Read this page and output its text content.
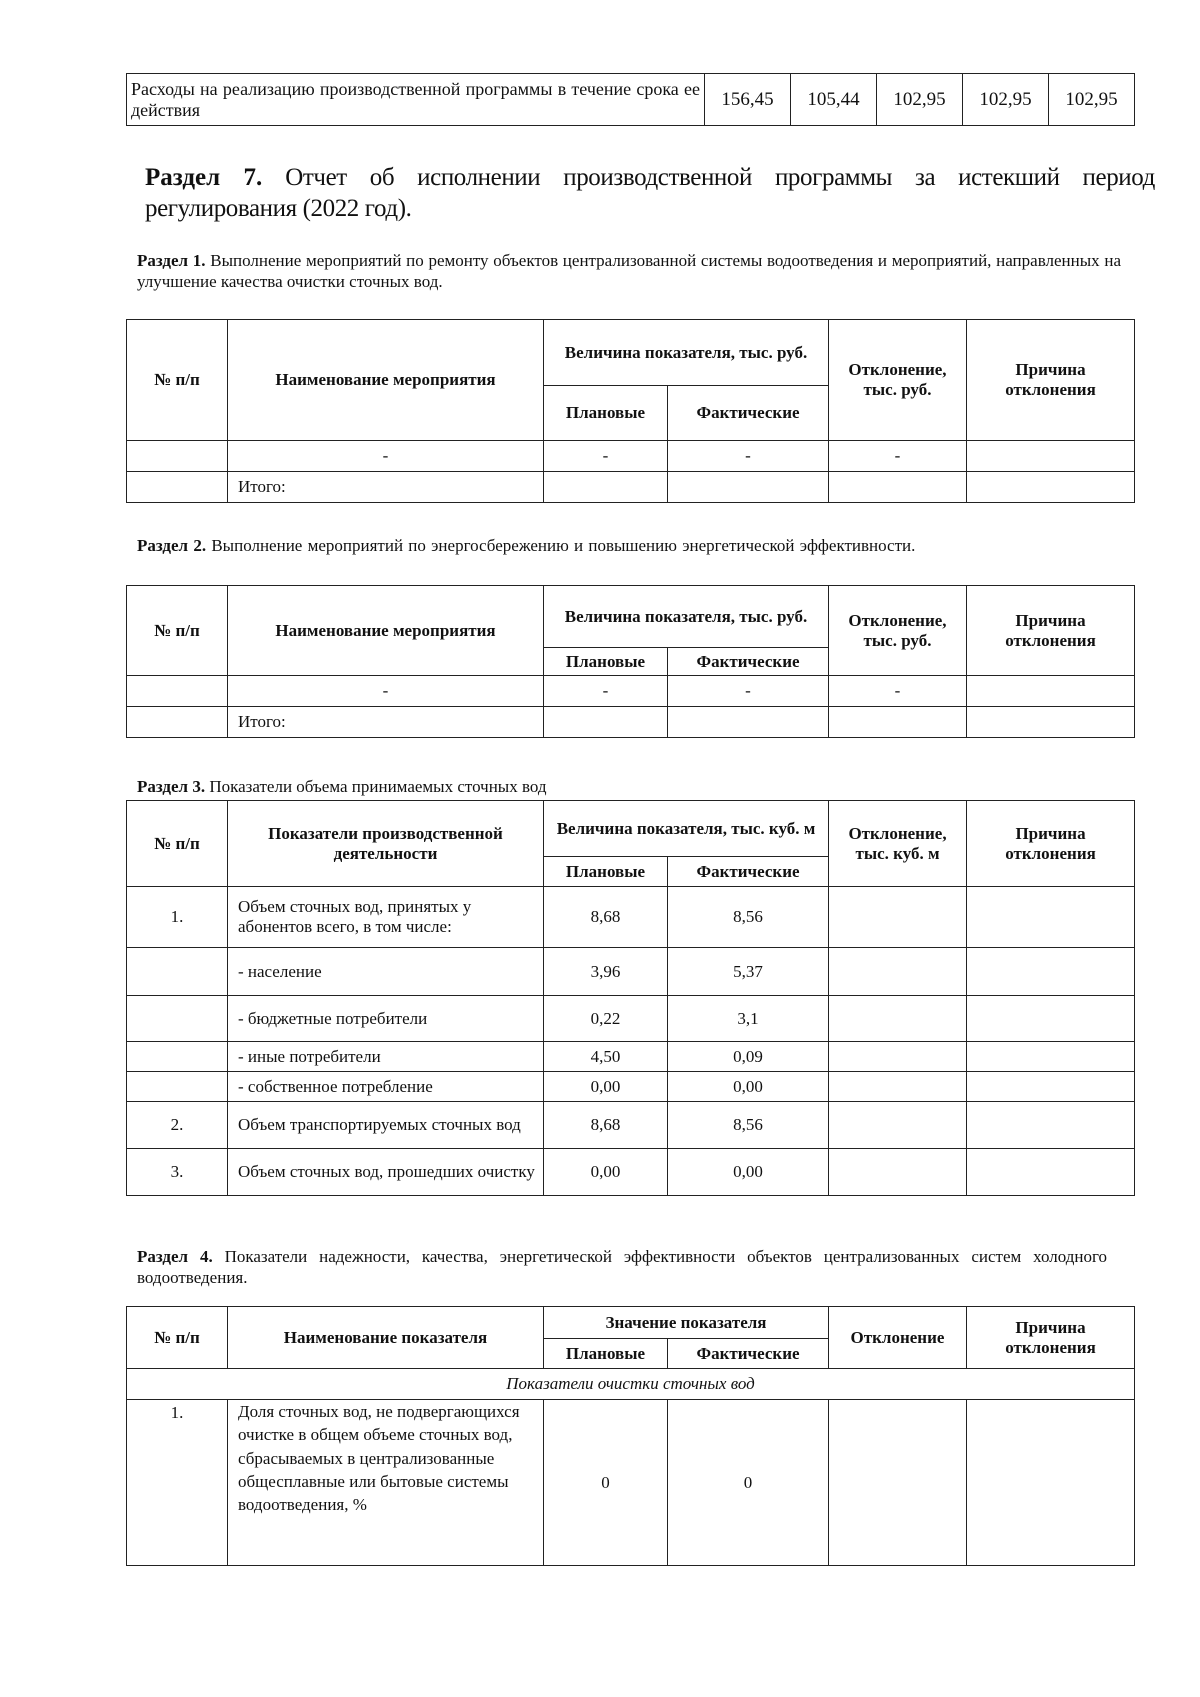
Расходы на реализацию производственной программы в течение срока ее действия	156,45	105,44	102,95	102,95	102,95
Раздел 7. Отчет об исполнении производственной программы за истекший период регулирования (2022 год).
Раздел 1. Выполнение мероприятий по ремонту объектов централизованной системы водоотведения и мероприятий, направленных на улучшение качества очистки сточных вод.
№ п/п	Наименование мероприятия	Величина показателя, тыс. руб.		Отклонение, тыс. руб.	Причина отклонения
		Плановые	Фактические		
	-	-	-	-	
	Итого:				
Раздел 2. Выполнение мероприятий по энергосбережению и повышению энергетической эффективности.
№ п/п	Наименование мероприятия	Величина показателя, тыс. руб.		Отклонение, тыс. руб.	Причина отклонения
		Плановые	Фактические		
	-	-	-	-	
	Итого:				
Раздел 3. Показатели объема принимаемых сточных вод
№ п/п	Показатели производственной деятельности	Величина показателя, тыс. куб. м		Отклонение, тыс. куб. м	Причина отклонения
		Плановые	Фактические		
1.	Объем сточных вод, принятых у абонентов всего, в том числе:	8,68	8,56		
	- население	3,96	5,37		
	- бюджетные потребители	0,22	3,1		
	- иные потребители	4,50	0,09		
	- собственное потребление	0,00	0,00		
2.	Объем транспортируемых сточных вод	8,68	8,56		
3.	Объем сточных вод, прошедших очистку	0,00	0,00		
Раздел 4. Показатели надежности, качества, энергетической эффективности объектов централизованных систем холодного водоотведения.
№ п/п	Наименование показателя	Значение показателя		Отклонение	Причина отклонения
		Плановые	Фактические		
Показатели очистки сточных вод					
1.	Доля сточных вод, не подвергающихся очистке в общем объеме сточных вод, сбрасываемых в централизованные общесплавные или бытовые системы водоотведения, %	0	0		
